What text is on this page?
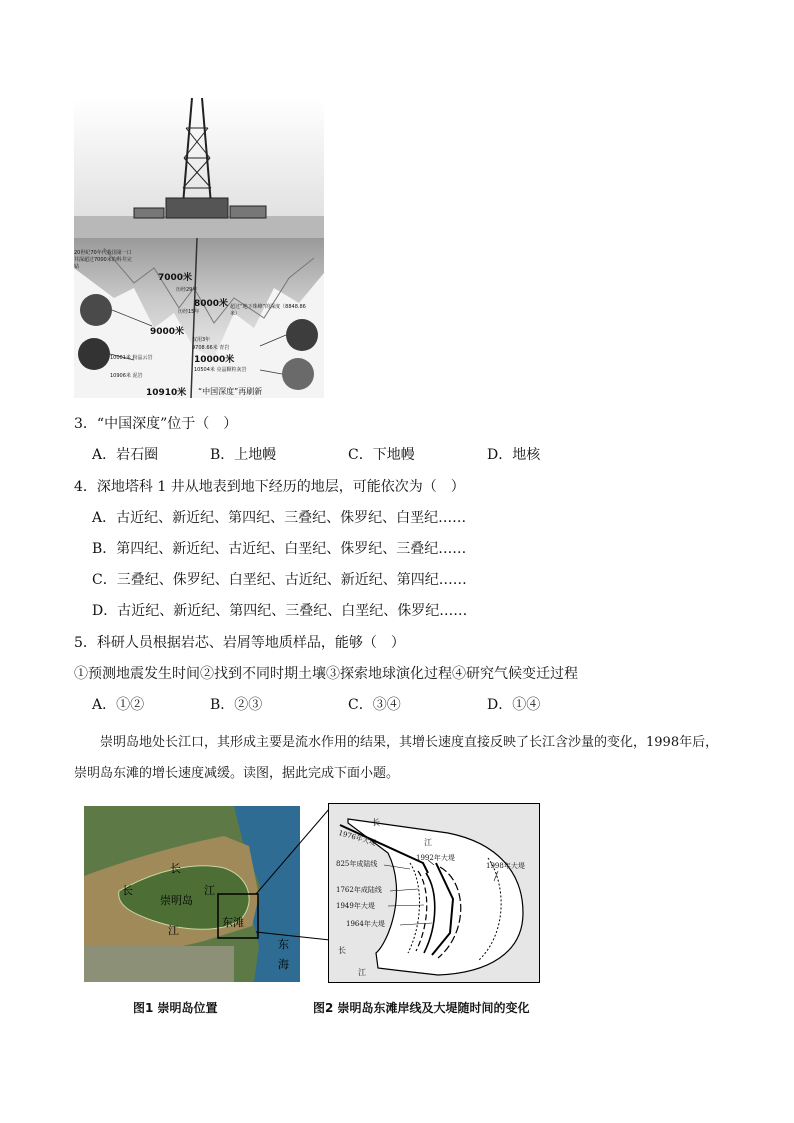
20世纪70年代我国第一口井深超过7000米的科井完钻
7000米
历经29年
8000米
历经15年
超过“地下珠峰”的深度（8848.86米）
9000米
仅用3年
9708.66米 青岩
10001米 粉晶云岩	10000米
10504米 亮晶颗粒灰岩
10906米 泥岩
10910米 “中国深度”再刷新
3．“中国深度”位于（　）
A．岩石圈	B．上地幔	C．下地幔	D．地核
4．深地塔科 1 井从地表到地下经历的地层，可能依次为（　）
A．古近纪、新近纪、第四纪、三叠纪、侏罗纪、白垩纪……
B．第四纪、新近纪、古近纪、白垩纪、侏罗纪、三叠纪……
C．三叠纪、侏罗纪、白垩纪、古近纪、新近纪、第四纪……
D．古近纪、新近纪、第四纪、三叠纪、白垩纪、侏罗纪……
5．科研人员根据岩芯、岩屑等地质样品，能够（　）
①预测地震发生时间②找到不同时期土壤③探索地球演化过程④研究气候变迁过程
A．①②	B．②③	C．③④	D．①④
崇明岛地处长江口，其形成主要是流水作用的结果，其增长速度直接反映了长江含沙量的变化，1998年后，崇明岛东滩的增长速度减缓。读图，据此完成下面小题。
长
长
崇明岛
江
江
东滩
东
海
长
江
1976年大堤
1992年大堤
1998年大堤
825年成陆线
1762年成陆线
1949年大堤
1964年大堤
长
江
图1 崇明岛位置	图2 崇明岛东滩岸线及大堤随时间的变化
